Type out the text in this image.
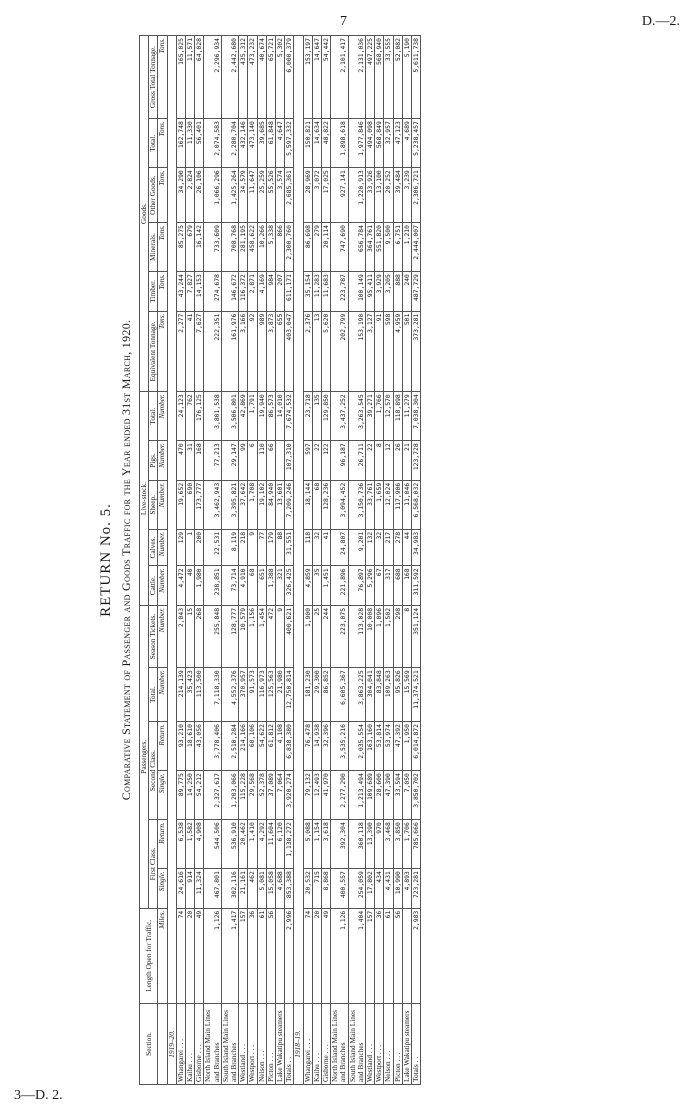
7	D.—2.
RETURN No. 5. Comparative Statement of Passenger and Goods Traffic for the Year ended 31st March, 1920.
Section.	Length Open for Traffic.	Passengers.						Live-stock.					Goods.					
		First Class.		Second Class.		Total.	Season Tickets.	Cattle.	Calves.	Sheep.	Pigs.	Total.	Equivalent Tonnage.	Timber.	Minerals.	Other Goods.	Total.	Gross Total Tonnage.

	Miles.	Single.	Return.	Single.	Return.	Number.	Number.	Number.	Number.	Number.	Number.	Number.	Tons.	Tons.	Tons.	Tons.	Tons.	Tons.
1919–20.																		
Whangarei . . .	74	24,616	6,538	89,775	93,210	214,139	2,043	4,472	129	19,652	470	24,123	2,277	43,244	85,275	34,290	162,748	165,025
Kaihu . . .	20	914	1,582	14,250	18,610	35,423	15	40	1	690	31	762	41	7,827	679	2,824	11,330	11,571
Gisborne . . .	49	11,324	4,908	54,212	43,056	113,500	268	1,980	200	173,777	168	176,125	7,627	14,153	16,142	26,106	56,401	64,028
North Island Main Lines and Branches	1,126	467,801	544,506	2,327,617	3,778,406	7,118,330	255,848	238,851	22,531	3,462,943	77,213	3,801,538	222,351	274,678	733,609	1,066,296	2,074,583	2,296,934
South Island Main Lines and Branches	1,417	302,116	536,910	1,203,066	2,510,284	4,552,376	128,777	73,714	8,119	3,395,821	29,147	3,506,801	161,976	146,672	708,768	1,425,264	2,280,704	2,442,680
Westland . . .	157	21,161	20,462	115,228	214,166	370,957	10,579	4,910	218	37,642	99	42,869	3,166	116,372	281,195	34,579	432,146	435,312
Westport . . .	36	462	1,410	29,568	60,106	91,573	1,156	68	9	1,708	6	1,791	92	2,871	458,622	11,647	473,140	473,232
Nelson . . .	61	5,081	4,292	52,378	54,622	116,973	1,454	651	77	19,102	110	19,940	989	4,169	10,266	25,259	39,685	40,674
Picton . . .	56	15,058	11,604	37,089	61,812	125,563	472	1,388	179	84,940	66	86,573	3,873	984	5,338	55,526	61,848	65,721
Lake Wakatipu steamers		4,688	6,120	7,064	4,108	21,980	9	321	88	13,601		14,010	655	207	866	3,574	4,647	5,302
Totals . .	2,996	853,388	1,138,272	3,920,274	6,838,380	12,750,814	400,621	326,425	31,551	7,209,246	107,310	7,674,532	403,047	611,171	2,300,760	2,685,361	5,597,332	6,000,379
1918–19.																		
Whangarei . . .	74	20,532	5,088	79,132	76,478	181,230	1,900	4,859	118	18,144	597	23,718	2,376	35,154	86,698	28,969	150,821	153,197
Kaihu . . .	20	715	1,154	12,493	14,938	29,300	25	35	32	68	22	135	13	11,283	279	3,072	14,634	14,647
Gisborne . . .	49	8,868	3,618	41,970	32,396	86,852	244	1,451	41	128,236	122	129,850	5,620	11,683	20,114	17,025	48,822	54,442
North Island Main Lines and Branches	1,126	400,557	392,304	2,277,290	3,535,216	6,605,367	223,075	221,896	24,807	3,094,452	96,187	3,437,252	202,799	223,787	747,690	927,141	1,898,618	2,101,417
South Island Main Lines and Branches	1,404	254,059	360,118	1,213,494	2,035,554	3,863,225	113,028	76,897	9,201	3,150,736	26,711	3,263,545	153,190	100,149	656,784	1,220,913	1,977,846	2,131,036
Westland . . .	157	17,802	13,390	109,689	163,160	304,041	10,008	5,296	132	33,761	22	39,271	3,127	95,411	364,761	33,926	494,098	497,225
Westport . . .	36	434	970	28,600	53,814	83,848	1,096	67	32	1,659	8	1,766	91	3,929	551,820	13,100	568,849	568,940
Nelson . . .	61	4,431	3,468	47,390	53,974	109,263	1,502	317	217	12,024	12	12,570	598	3,205	9,500	20,252	32,957	33,555
Picton . . .	56	10,990	3,850	33,594	47,392	95,826	298	688	278	117,906	26	118,898	4,959	888	6,751	39,484	47,123	52,082
Lake Wakatipu steamers		4,893	1,706	7,050	1,950	15,569	8	168	44	11,046	21	11,279	501	240	1,210	3,239	4,689	5,190
Totals . .	2,983	723,281	785,666	3,850,702	6,014,872	11,374,521	351,124	311,592	34,983	6,568,032	123,728	7,038,304	373,281	487,729	2,444,007	2,306,721	5,238,457	5,611,738
3—D. 2.
